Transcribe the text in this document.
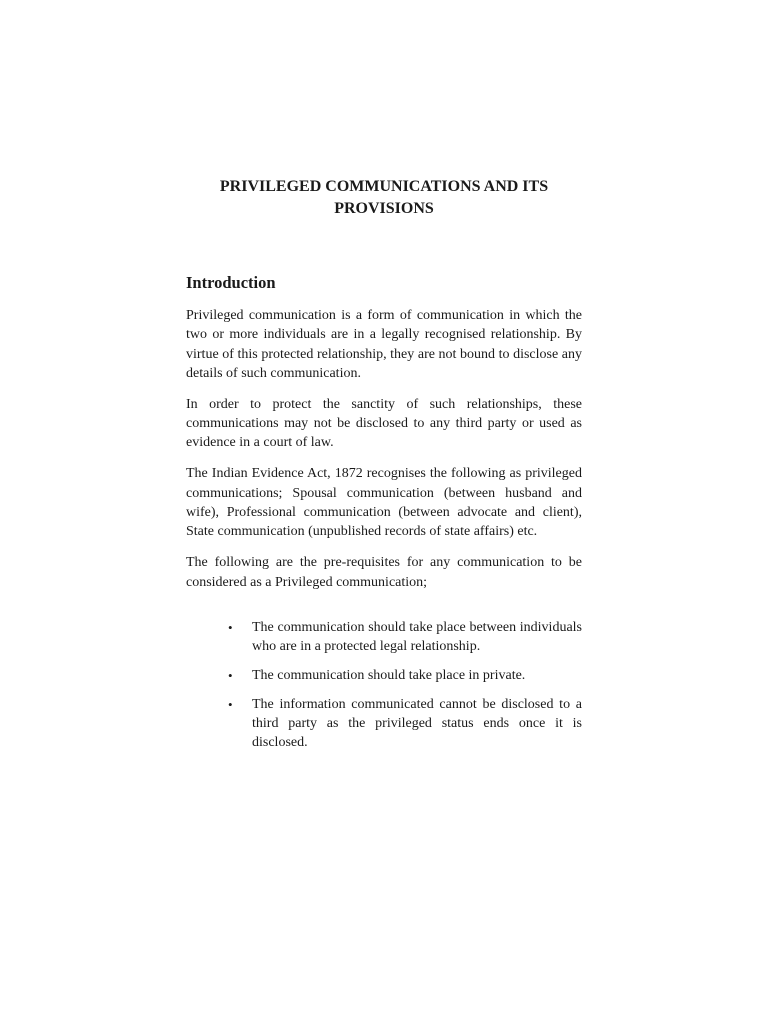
PRIVILEGED COMMUNICATIONS AND ITS
PROVISIONS
Introduction

Privileged communication is a form of communication in which the two or more individuals are in a legally recognised relationship. By virtue of this protected relationship, they are not bound to disclose any details of such communication.

In order to protect the sanctity of such relationships, these communications may not be disclosed to any third party or used as evidence in a court of law.

The Indian Evidence Act, 1872 recognises the following as privileged communications; Spousal communication (between husband and wife), Professional communication (between advocate and client), State communication (unpublished records of state affairs) etc.

The following are the pre-requisites for any communication to be considered as a Privileged communication;

• The communication should take place between individuals who are in a protected legal relationship.
• The communication should take place in private.
• The information communicated cannot be disclosed to a third party as the privileged status ends once it is disclosed.
